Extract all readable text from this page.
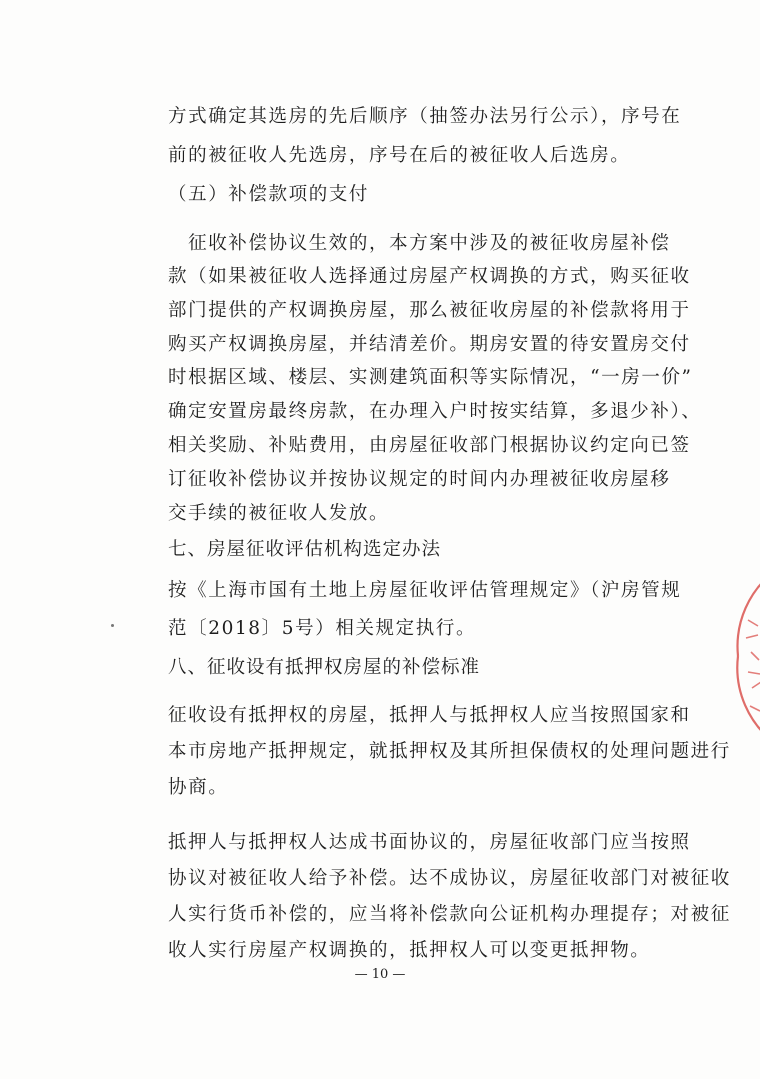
方式确定其选房的先后顺序（抽签办法另行公示），序号在
前的被征收人先选房，序号在后的被征收人后选房。
（五）补偿款项的支付
　征收补偿协议生效的，本方案中涉及的被征收房屋补偿
款（如果被征收人选择通过房屋产权调换的方式，购买征收
部门提供的产权调换房屋，那么被征收房屋的补偿款将用于
购买产权调换房屋，并结清差价。期房安置的待安置房交付
时根据区域、楼层、实测建筑面积等实际情况，“一房一价”
确定安置房最终房款，在办理入户时按实结算，多退少补）、
相关奖励、补贴费用，由房屋征收部门根据协议约定向已签
订征收补偿协议并按协议规定的时间内办理被征收房屋移
交手续的被征收人发放。
七、房屋征收评估机构选定办法
按《上海市国有土地上房屋征收评估管理规定》（沪房管规
范〔2018〕5号）相关规定执行。
八、征收设有抵押权房屋的补偿标准
征收设有抵押权的房屋，抵押人与抵押权人应当按照国家和
本市房地产抵押规定，就抵押权及其所担保债权的处理问题进行
协商。
抵押人与抵押权人达成书面协议的，房屋征收部门应当按照
协议对被征收人给予补偿。达不成协议，房屋征收部门对被征收
人实行货币补偿的，应当将补偿款向公证机构办理提存；对被征
收人实行房屋产权调换的，抵押权人可以变更抵押物。
— 10 —
